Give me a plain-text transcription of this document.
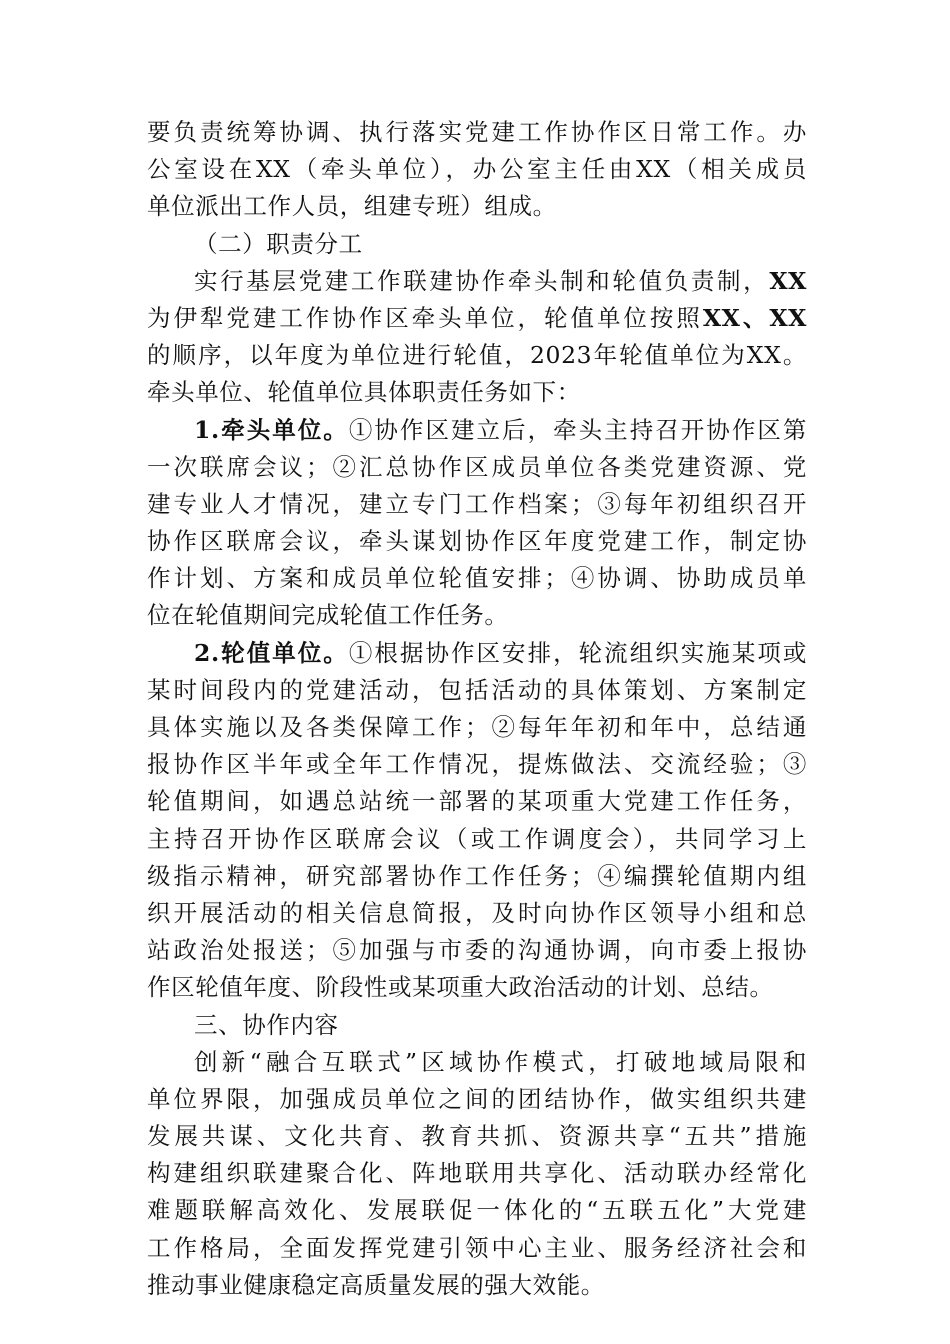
要负责统筹协调、执行落实党建工作协作区日常工作。办
公室设在XX（牵头单位），办公室主任由XX（相关成员
单位派出工作人员，组建专班）组成。
（二）职责分工
实行基层党建工作联建协作牵头制和轮值负责制，XX
为伊犁党建工作协作区牵头单位，轮值单位按照XX、XX
的顺序，以年度为单位进行轮值，2023年轮值单位为XX。
牵头单位、轮值单位具体职责任务如下：
1.牵头单位。①协作区建立后，牵头主持召开协作区第
一次联席会议；②汇总协作区成员单位各类党建资源、党
建专业人才情况，建立专门工作档案；③每年初组织召开
协作区联席会议，牵头谋划协作区年度党建工作，制定协
作计划、方案和成员单位轮值安排；④协调、协助成员单
位在轮值期间完成轮值工作任务。
2.轮值单位。①根据协作区安排，轮流组织实施某项或
某时间段内的党建活动，包括活动的具体策划、方案制定
具体实施以及各类保障工作；②每年年初和年中，总结通
报协作区半年或全年工作情况，提炼做法、交流经验；③
轮值期间，如遇总站统一部署的某项重大党建工作任务，
主持召开协作区联席会议（或工作调度会），共同学习上
级指示精神，研究部署协作工作任务；④编撰轮值期内组
织开展活动的相关信息简报，及时向协作区领导小组和总
站政治处报送；⑤加强与市委的沟通协调，向市委上报协
作区轮值年度、阶段性或某项重大政治活动的计划、总结。
三、协作内容
创新“融合互联式”区域协作模式，打破地域局限和
单位界限，加强成员单位之间的团结协作，做实组织共建
发展共谋、文化共育、教育共抓、资源共享“五共”措施
构建组织联建聚合化、阵地联用共享化、活动联办经常化
难题联解高效化、发展联促一体化的“五联五化”大党建
工作格局，全面发挥党建引领中心主业、服务经济社会和
推动事业健康稳定高质量发展的强大效能。
